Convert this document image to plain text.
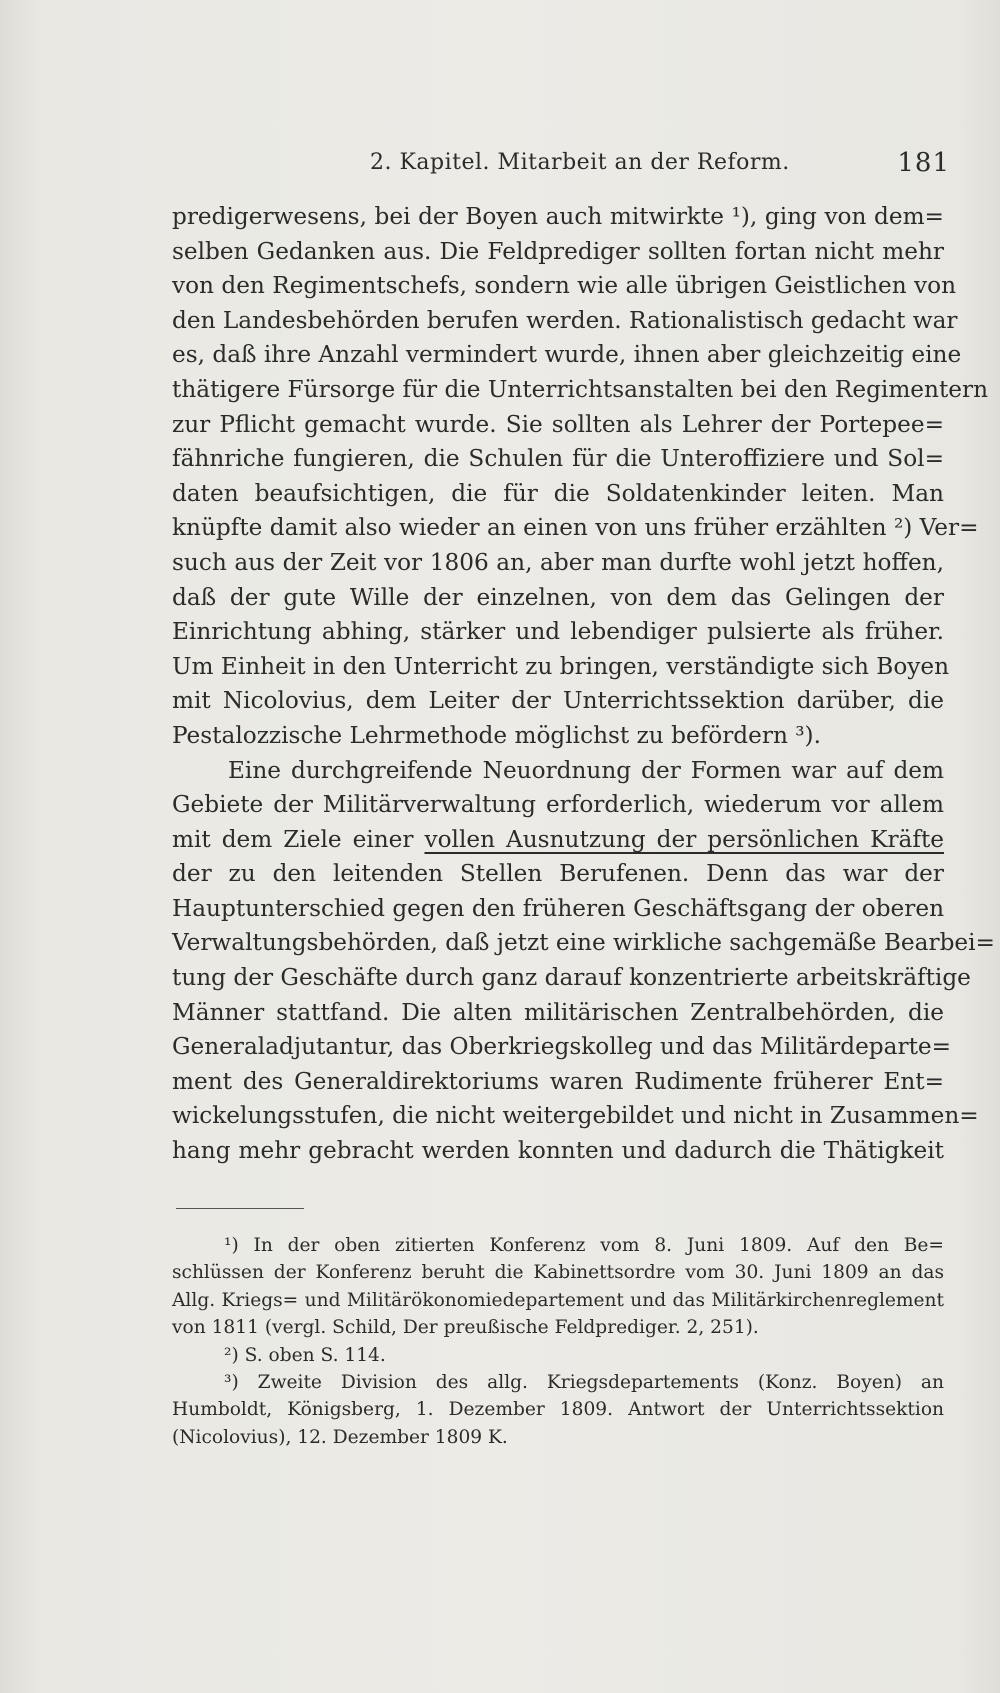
2. Kapitel. Mitarbeit an der Reform.	181
predigerwesens, bei der Boyen auch mitwirkte ¹), ging von dem=
selben Gedanken aus. Die Feldprediger sollten fortan nicht mehr
von den Regimentschefs, sondern wie alle übrigen Geistlichen von
den Landesbehörden berufen werden. Rationalistisch gedacht war
es, daß ihre Anzahl vermindert wurde, ihnen aber gleichzeitig eine
thätigere Fürsorge für die Unterrichtsanstalten bei den Regimentern
zur Pflicht gemacht wurde. Sie sollten als Lehrer der Portepee=
fähnriche fungieren, die Schulen für die Unteroffiziere und Sol=
daten beaufsichtigen, die für die Soldatenkinder leiten. Man
knüpfte damit also wieder an einen von uns früher erzählten ²) Ver=
such aus der Zeit vor 1806 an, aber man durfte wohl jetzt hoffen,
daß der gute Wille der einzelnen, von dem das Gelingen der
Einrichtung abhing, stärker und lebendiger pulsierte als früher.
Um Einheit in den Unterricht zu bringen, verständigte sich Boyen
mit Nicolovius, dem Leiter der Unterrichtssektion darüber, die
Pestalozzische Lehrmethode möglichst zu befördern ³).
Eine durchgreifende Neuordnung der Formen war auf dem
Gebiete der Militärverwaltung erforderlich, wiederum vor allem
mit dem Ziele einer vollen Ausnutzung der persönlichen Kräfte
der zu den leitenden Stellen Berufenen. Denn das war der
Hauptunterschied gegen den früheren Geschäftsgang der oberen
Verwaltungsbehörden, daß jetzt eine wirkliche sachgemäße Bearbei=
tung der Geschäfte durch ganz darauf konzentrierte arbeitskräftige
Männer stattfand. Die alten militärischen Zentralbehörden, die
Generaladjutantur, das Oberkriegskolleg und das Militärdeparte=
ment des Generaldirektoriums waren Rudimente früherer Ent=
wickelungsstufen, die nicht weitergebildet und nicht in Zusammen=
hang mehr gebracht werden konnten und dadurch die Thätigkeit
¹) In der oben zitierten Konferenz vom 8. Juni 1809. Auf den Be=
schlüssen der Konferenz beruht die Kabinettsordre vom 30. Juni 1809 an das
Allg. Kriegs= und Militärökonomiedepartement und das Militärkirchenreglement
von 1811 (vergl. Schild, Der preußische Feldprediger. 2, 251).
²) S. oben S. 114.
³) Zweite Division des allg. Kriegsdepartements (Konz. Boyen) an
Humboldt, Königsberg, 1. Dezember 1809. Antwort der Unterrichtssektion
(Nicolovius), 12. Dezember 1809 K.
